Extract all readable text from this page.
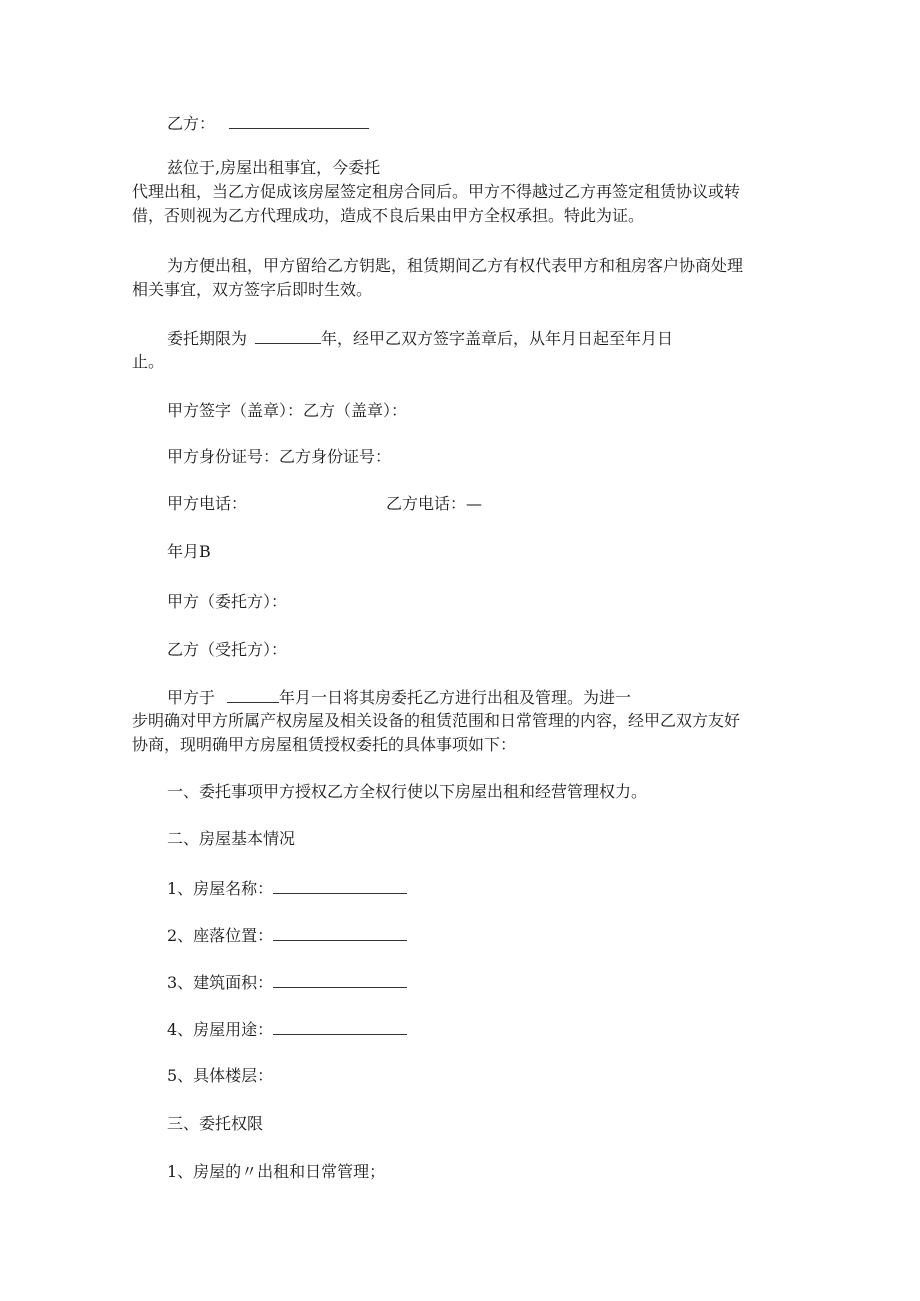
乙方：
兹位于,房屋出租事宜，今委托
代理出租，当乙方促成该房屋签定租房合同后。甲方不得越过乙方再签定租赁协议或转
借，否则视为乙方代理成功，造成不良后果由甲方全权承担。特此为证。
为方便出租，甲方留给乙方钥匙，租赁期间乙方有权代表甲方和租房客户协商处理
相关事宜，双方签字后即时生效。
委托期限为	年，经甲乙双方签字盖章后，从年月日起至年月日
止。
甲方签字（盖章）：乙方（盖章）：
甲方身份证号：乙方身份证号：
甲方电话：	乙方电话：—
年月B
甲方（委托方）：
乙方（受托方）：
甲方于	年月一日将其房委托乙方进行出租及管理。为进一
步明确对甲方所属产权房屋及相关设备的租赁范围和日常管理的内容，经甲乙双方友好
协商，现明确甲方房屋租赁授权委托的具体事项如下：
一、委托事项甲方授权乙方全权行使以下房屋出租和经营管理权力。
二、房屋基本情况
1、房屋名称：
2、座落位置：
3、建筑面积：
4、房屋用途：
5、具体楼层：
三、委托权限
1、房屋的〃出租和日常管理；
